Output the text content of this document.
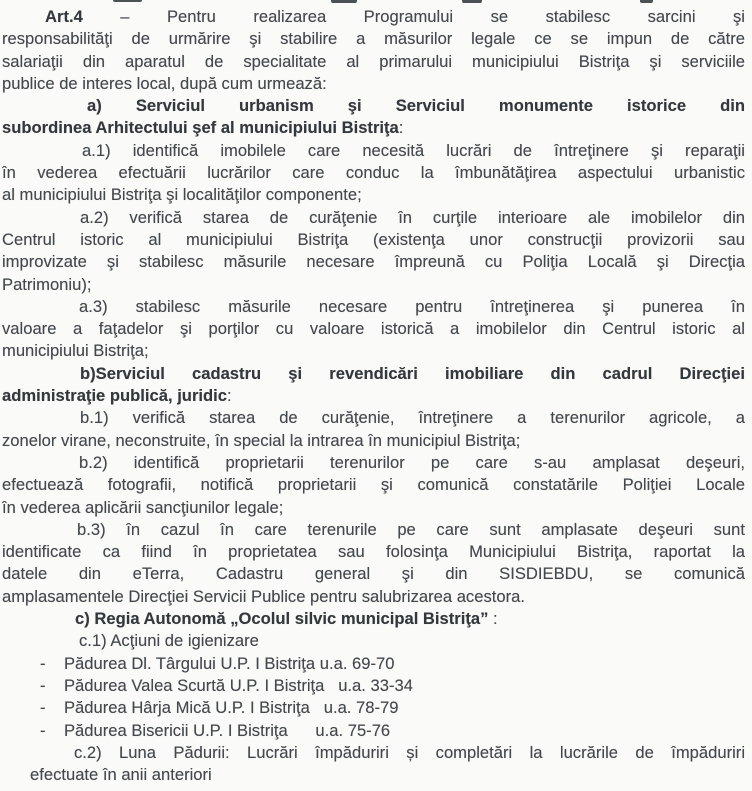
Art.4 – Pentru realizarea Programului se stabilesc sarcini şi
responsabilităţi de urmărire şi stabilire a măsurilor legale ce se impun de către
salariaţii din aparatul de specialitate al primarului municipiului Bistriţa şi serviciile
publice de interes local, după cum urmează:
a) Serviciul urbanism şi Serviciul monumente istorice din
subordinea Arhitectului şef al municipiului Bistriţa:
a.1) identifică imobilele care necesită lucrări de întreţinere şi reparaţii
în vederea efectuării lucrărilor care conduc la îmbunătăţirea aspectului urbanistic
al municipiului Bistriţa şi localităţilor componente;
a.2) verifică starea de curăţenie în curţile interioare ale imobilelor din
Centrul istoric al municipiului Bistriţa (existenţa unor construcţii provizorii sau
improvizate şi stabilesc măsurile necesare împreună cu Poliţia Locală şi Direcţia
Patrimoniu);
a.3) stabilesc măsurile necesare pentru întreţinerea şi punerea în
valoare a faţadelor şi porţilor cu valoare istorică a imobilelor din Centrul istoric al
municipiului Bistriţa;
b)Serviciul cadastru şi revendicări imobiliare din cadrul Direcţiei
administraţie publică, juridic:
b.1) verifică starea de curăţenie, întreţinere a terenurilor agricole, a
zonelor virane, neconstruite, în special la intrarea în municipiul Bistriţa;
b.2) identifică proprietarii terenurilor pe care s-au amplasat deşeuri,
efectuează fotografii, notifică proprietarii şi comunică constatările Poliţiei Locale
în vederea aplicării sancţiunilor legale;
b.3) în cazul în care terenurile pe care sunt amplasate deşeuri sunt
identificate ca fiind în proprietatea sau folosinţa Municipiului Bistriţa, raportat la
datele din eTerra, Cadastru general şi din SISDIEBDU, se comunică
amplasamentele Direcţiei Servicii Publice pentru salubrizarea acestora.
c) Regia Autonomă „Ocolul silvic municipal Bistriţa” :
c.1) Acţiuni de igienizare
-    Pădurea Dl. Târgului U.P. I Bistriţa u.a. 69-70
-    Pădurea Valea Scurtă U.P. I Bistriţa   u.a. 33-34
-    Pădurea Hârja Mică U.P. I Bistriţa   u.a. 78-79
-    Pădurea Bisericii U.P. I Bistriţa      u.a. 75-76
c.2) Luna Pădurii: Lucrări împăduriri și completări la lucrările de împăduriri
efectuate în anii anteriori
